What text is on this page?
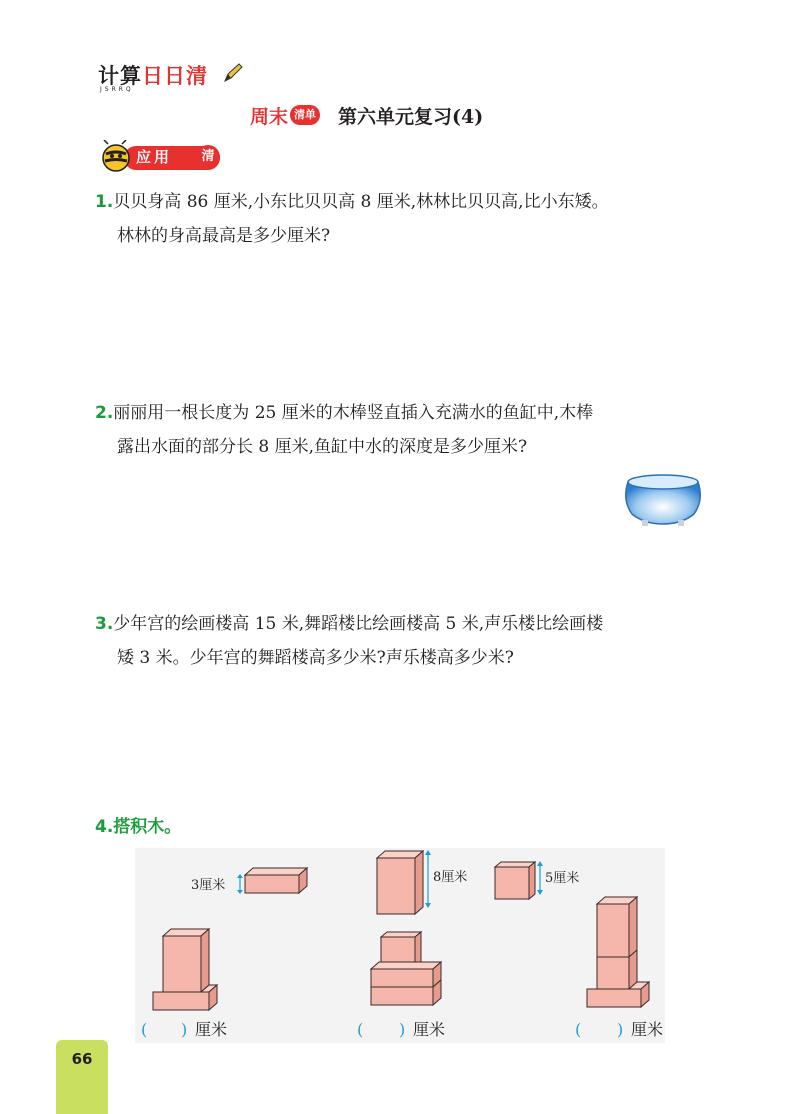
计算日日清
JSRRQ
周末 清单 第六单元复习(4)
应用	清
1.贝贝身高 86 厘米,小东比贝贝高 8 厘米,林林比贝贝高,比小东矮。
林林的身高最高是多少厘米?
2.丽丽用一根长度为 25 厘米的木棒竖直插入充满水的鱼缸中,木棒
露出水面的部分长 8 厘米,鱼缸中水的深度是多少厘米?
3.少年宫的绘画楼高 15 米,舞蹈楼比绘画楼高 5 米,声乐楼比绘画楼
矮 3 米。少年宫的舞蹈楼高多少米?声乐楼高多少米?
4.搭积木。
3厘米
8厘米	5厘米
( ) 厘米	( ) 厘米	( ) 厘米
66
